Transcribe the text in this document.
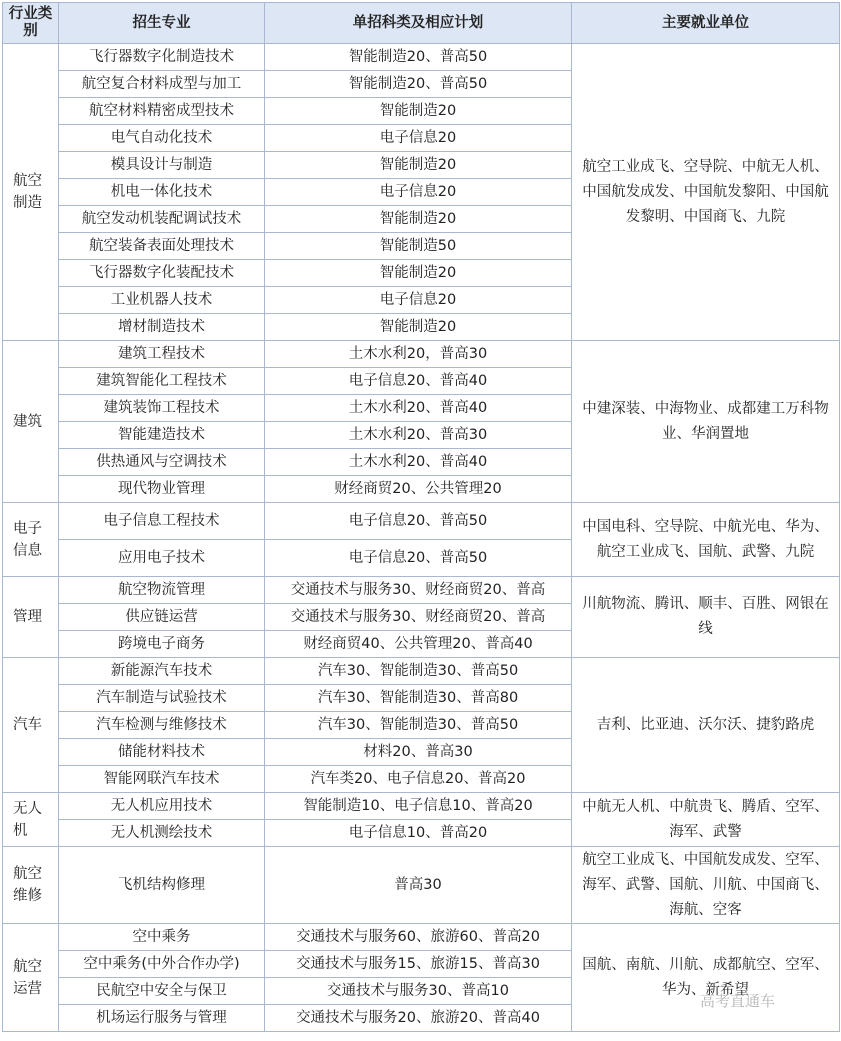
行业类别	招生专业	单招科类及相应计划	主要就业单位
航空制造	飞行器数字化制造技术	智能制造20、普高50	航空工业成飞、空导院、中航无人机、中国航发成发、中国航发黎阳、中国航发黎明、中国商飞、九院
	航空复合材料成型与加工	智能制造20、普高50	
	航空材料精密成型技术	智能制造20	
	电气自动化技术	电子信息20	
	模具设计与制造	智能制造20	
	机电一体化技术	电子信息20	
	航空发动机装配调试技术	智能制造20	
	航空装备表面处理技术	智能制造50	
	飞行器数字化装配技术	智能制造20	
	工业机器人技术	电子信息20	
	增材制造技术	智能制造20	
建筑	建筑工程技术	土木水利20，普高30	中建深装、中海物业、成都建工万科物业、华润置地
	建筑智能化工程技术	电子信息20、普高40	
	建筑装饰工程技术	土木水利20、普高40	
	智能建造技术	土木水利20、普高30	
	供热通风与空调技术	土木水利20、普高40	
	现代物业管理	财经商贸20、公共管理20	
电子信息	电子信息工程技术	电子信息20、普高50	中国电科、空导院、中航光电、华为、航空工业成飞、国航、武警、九院
	应用电子技术	电子信息20、普高50	
管理	航空物流管理	交通技术与服务30、财经商贸20、普高	川航物流、腾讯、顺丰、百胜、网银在线
	供应链运营	交通技术与服务30、财经商贸20、普高	
	跨境电子商务	财经商贸40、公共管理20、普高40	
汽车	新能源汽车技术	汽车30、智能制造30、普高50	吉利、比亚迪、沃尔沃、捷豹路虎
	汽车制造与试验技术	汽车30、智能制造30、普高80	
	汽车检测与维修技术	汽车30、智能制造30、普高50	
	储能材料技术	材料20、普高30	
	智能网联汽车技术	汽车类20、电子信息20、普高20	
无人机	无人机应用技术	智能制造10、电子信息10、普高20	中航无人机、中航贵飞、腾盾、空军、海军、武警
	无人机测绘技术	电子信息10、普高20	
航空维修	飞机结构修理	普高30	航空工业成飞、中国航发成发、空军、海军、武警、国航、川航、中国商飞、海航、空客
航空运营	空中乘务	交通技术与服务60、旅游60、普高20	国航、南航、川航、成都航空、空军、华为、新希望
	空中乘务(中外合作办学)	交通技术与服务15、旅游15、普高30	
	民航空中安全与保卫	交通技术与服务30、普高10	
	机场运行服务与管理	交通技术与服务20、旅游20、普高40	
高考直通车
